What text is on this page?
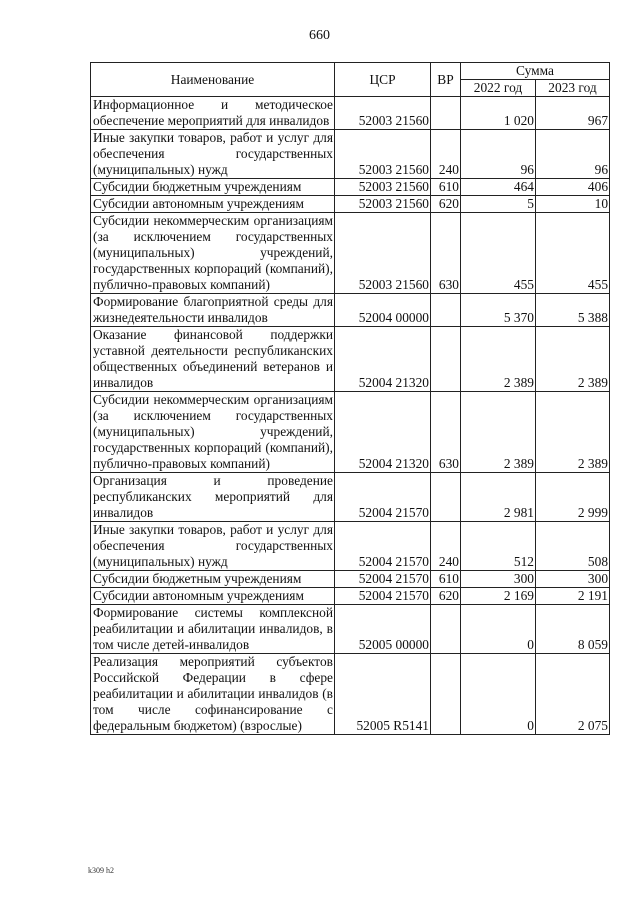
660
Наименование	ЦСР	ВР	Сумма	
			2022 год	2023 год
Информационное и методическое обеспечение мероприятий для инвалидов	52003 21560		1 020	967
Иные закупки товаров, работ и услуг для обеспечения государственных (муниципальных) нужд	52003 21560	240	96	96
Субсидии бюджетным учреждениям	52003 21560	610	464	406
Субсидии автономным учреждениям	52003 21560	620	5	10
Субсидии некоммерческим организациям (за исключением государственных (муниципальных) учреждений, государственных корпораций (компаний), публично-правовых компаний)	52003 21560	630	455	455
Формирование благоприятной среды для жизнедеятельности инвалидов	52004 00000		5 370	5 388
Оказание финансовой поддержки уставной деятельности республиканских общественных объединений ветеранов и инвалидов	52004 21320		2 389	2 389
Субсидии некоммерческим организациям (за исключением государственных (муниципальных) учреждений, государственных корпораций (компаний), публично-правовых компаний)	52004 21320	630	2 389	2 389
Организация и проведение республиканских мероприятий для инвалидов	52004 21570		2 981	2 999
Иные закупки товаров, работ и услуг для обеспечения государственных (муниципальных) нужд	52004 21570	240	512	508
Субсидии бюджетным учреждениям	52004 21570	610	300	300
Субсидии автономным учреждениям	52004 21570	620	2 169	2 191
Формирование системы комплексной реабилитации и абилитации инвалидов, в том числе детей-инвалидов	52005 00000		0	8 059
Реализация мероприятий субъектов Российской Федерации в сфере реабилитации и абилитации инвалидов (в том числе софинансирование с федеральным бюджетом) (взрослые)	52005 R5141		0	2 075
k309 h2
